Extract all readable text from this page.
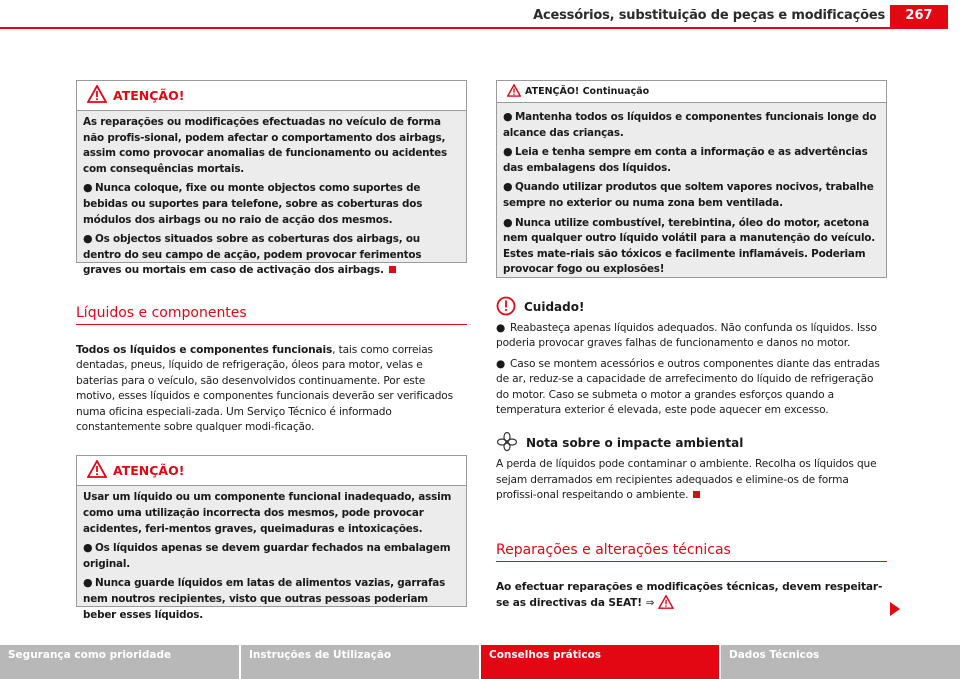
Acessórios, substituição de peças e modificações	267
ATENÇÃO!

As reparações ou modificações efectuadas no veículo de forma não profis-sional, podem afectar o comportamento dos airbags, assim como provocar anomalias de funcionamento ou acidentes com consequências mortais.

● Nunca coloque, fixe ou monte objectos como suportes de bebidas ou suportes para telefone, sobre as coberturas dos módulos dos airbags ou no raio de acção dos mesmos.

● Os objectos situados sobre as coberturas dos airbags, ou dentro do seu campo de acção, podem provocar ferimentos graves ou mortais em caso de activação dos airbags.

Líquidos e componentes

Todos os líquidos e componentes funcionais, tais como correias dentadas, pneus, líquido de refrigeração, óleos para motor, velas e baterias para o veículo, são desenvolvidos continuamente. Por este motivo, esses líquidos e componentes funcionais deverão ser verificados numa oficina especiali-zada. Um Serviço Técnico é informado constantemente sobre qualquer modi-ficação.

ATENÇÃO!

Usar um líquido ou um componente funcional inadequado, assim como uma utilização incorrecta dos mesmos, pode provocar acidentes, feri-mentos graves, queimaduras e intoxicações.

● Os líquidos apenas se devem guardar fechados na embalagem original.

● Nunca guarde líquidos em latas de alimentos vazias, garrafas nem noutros recipientes, visto que outras pessoas poderiam beber esses líquidos.

ATENÇÃO! Continuação

● Mantenha todos os líquidos e componentes funcionais longe do alcance das crianças.

● Leia e tenha sempre em conta a informação e as advertências das embalagens dos líquidos.

● Quando utilizar produtos que soltem vapores nocivos, trabalhe sempre no exterior ou numa zona bem ventilada.

● Nunca utilize combustível, terebintina, óleo do motor, acetona nem qualquer outro líquido volátil para a manutenção do veículo. Estes mate-riais são tóxicos e facilmente inflamáveis. Poderiam provocar fogo ou explosões!

Cuidado!

● Reabasteça apenas líquidos adequados. Não confunda os líquidos. Isso poderia provocar graves falhas de funcionamento e danos no motor.

● Caso se montem acessórios e outros componentes diante das entradas de ar, reduz-se a capacidade de arrefecimento do líquido de refrigeração do motor. Caso se submeta o motor a grandes esforços quando a temperatura exterior é elevada, este pode aquecer em excesso.

Nota sobre o impacte ambiental

A perda de líquidos pode contaminar o ambiente. Recolha os líquidos que sejam derramados em recipientes adequados e elimine-os de forma profissi-onal respeitando o ambiente.

Reparações e alterações técnicas

Ao efectuar reparações e modificações técnicas, devem respeitar-se as directivas da SEAT! ⇒

Segurança como prioridade	Instruções de Utilização	Conselhos práticos	Dados Técnicos
